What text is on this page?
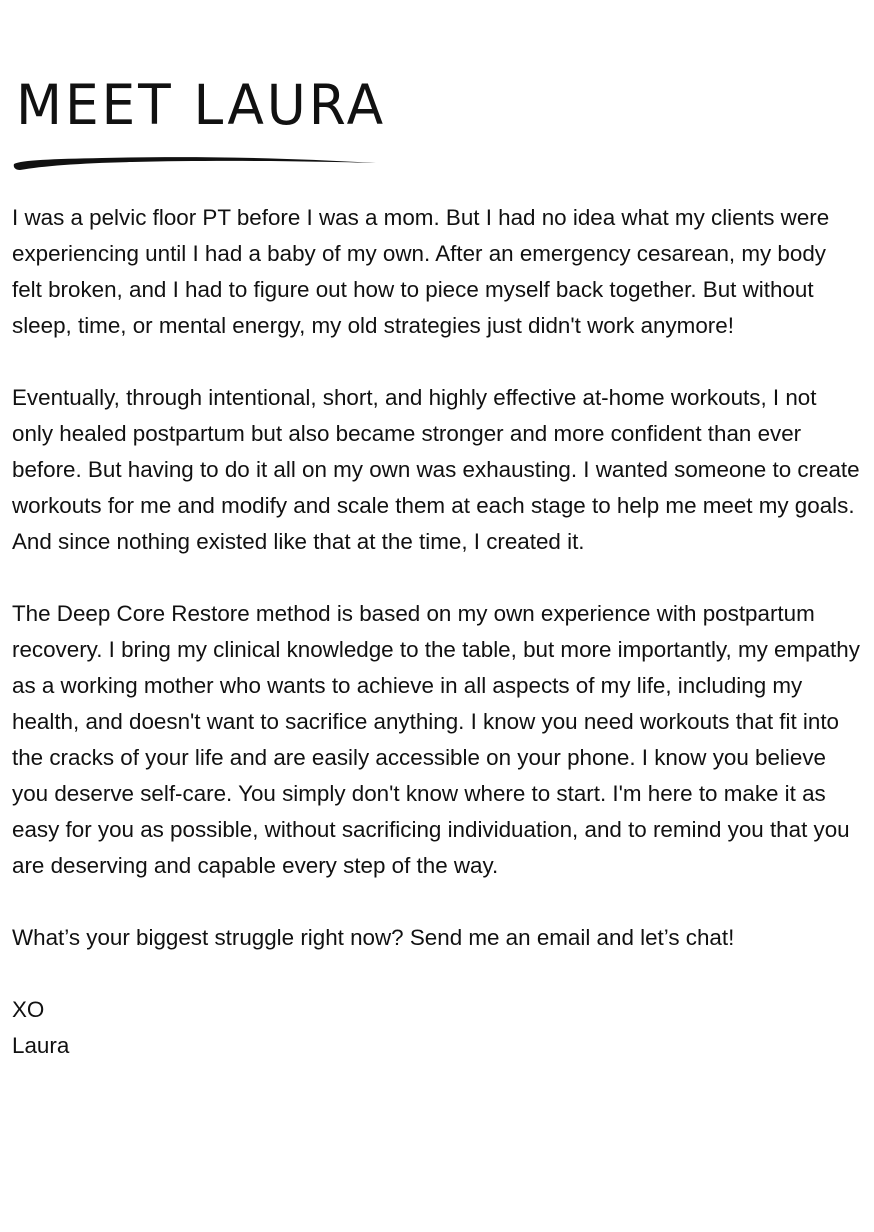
MEET LAURA

I was a pelvic floor PT before I was a mom. But I had no idea what my clients were experiencing until I had a baby of my own. After an emergency cesarean, my body felt broken, and I had to figure out how to piece myself back together. But without sleep, time, or mental energy, my old strategies just didn't work anymore!

Eventually, through intentional, short, and highly effective at-home workouts, I not only healed postpartum but also became stronger and more confident than ever before. But having to do it all on my own was exhausting. I wanted someone to create workouts for me and modify and scale them at each stage to help me meet my goals. And since nothing existed like that at the time, I created it.

The Deep Core Restore method is based on my own experience with postpartum recovery. I bring my clinical knowledge to the table, but more importantly, my empathy as a working mother who wants to achieve in all aspects of my life, including my health, and doesn't want to sacrifice anything. I know you need workouts that fit into the cracks of your life and are easily accessible on your phone. I know you believe you deserve self-care. You simply don't know where to start. I'm here to make it as easy for you as possible, without sacrificing individuation, and to remind you that you are deserving and capable every step of the way.

What’s your biggest struggle right now? Send me an email and let’s chat!

XO
Laura
